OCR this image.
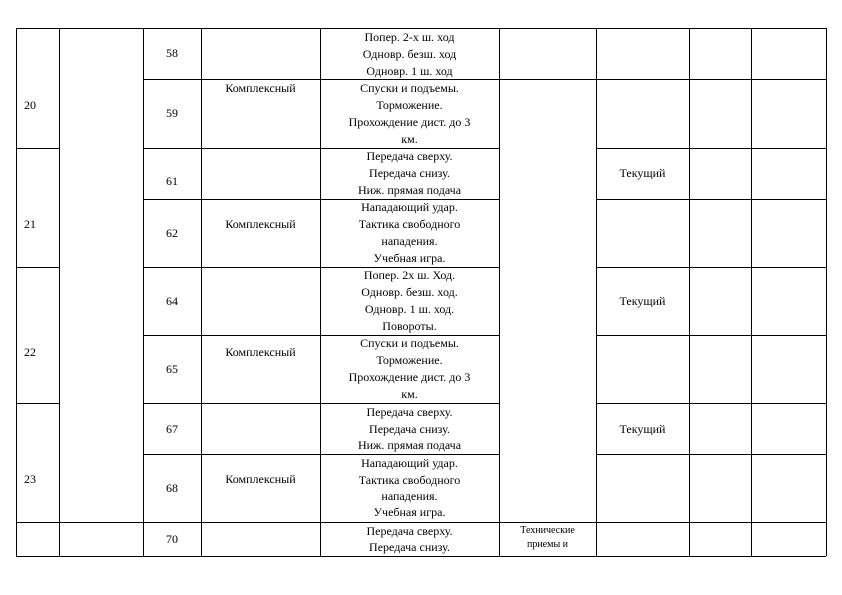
20
58
59
Комплексный
Попер. 2-х ш. ход
Одновр. безш. ход
Одновр. 1 ш. ход
Спуски и подъемы.
Торможение.
Прохождение дист. до 3
км.
21
61
62
Комплексный
Передача сверху.
Передача снизу.
Ниж. прямая подача
Нападающий удар.
Тактика свободного
нападения.
Учебная игра.
Текущий
22
64
65
Комплексный
Попер. 2х ш. Ход.
Одновр. безш. ход.
Одновр. 1 ш. ход.
Повороты.
Спуски и подъемы.
Торможение.
Прохождение дист. до 3
км.
Текущий
23
67
68
Комплексный
Передача сверху.
Передача снизу.
Ниж. прямая подача
Нападающий удар.
Тактика свободного
нападения.
Учебная игра.
Текущий
70
Передача сверху.
Передача снизу.
Технические
приемы и
